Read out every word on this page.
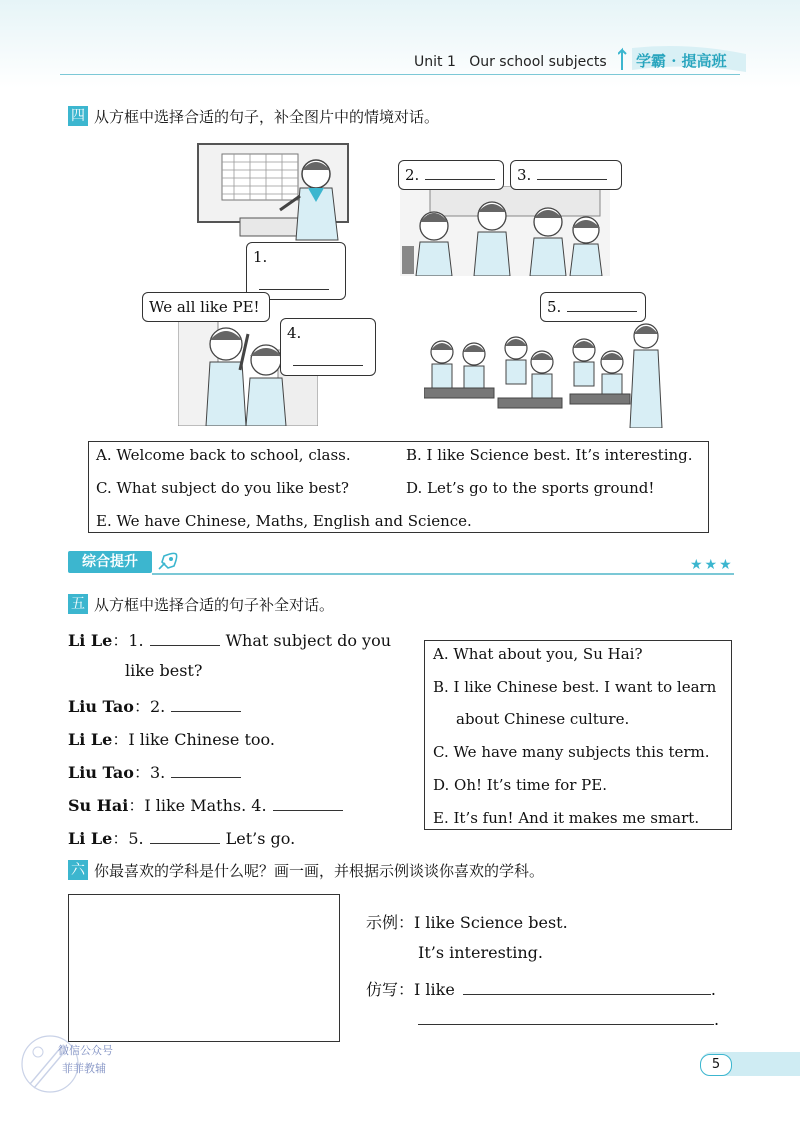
Unit 1   Our school subjects 学霸 · 提高班
四 从方框中选择合适的句子，补全图片中的情境对话。
1.
2.	3.
We all like PE!
4.
5.
A. Welcome back to school, class.	B. I like Science best. It’s interesting.
C. What subject do you like best?	D. Let’s go to the sports ground!
E. We have Chinese, Maths, English and Science.
综合提升	★★★
五 从方框中选择合适的句子补全对话。
Li Le：1.	What subject do you
like best?
Liu Tao：2.
Li Le：I like Chinese too.
Liu Tao：3.
Su Hai：I like Maths. 4.
Li Le：5.	Let’s go.
A. What about you, Su Hai?
B. I like Chinese best. I want to learn
about Chinese culture.
C. We have many subjects this term.
D. Oh! It’s time for PE.
E. It’s fun! And it makes me smart.
六 你最喜欢的学科是什么呢？画一画，并根据示例谈谈你喜欢的学科。
示例：I like Science best.
It’s interesting.
仿写：I like	.
.
微信公众号
菲菲教辅	5
